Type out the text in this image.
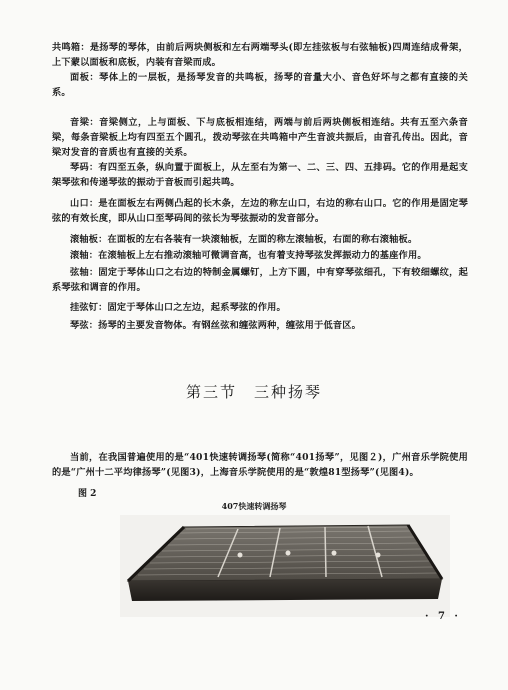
共鸣箱：是扬琴的琴体，由前后两块侧板和左右两端琴头(即左挂弦板与右弦轴板)四周连结成骨架，上下蒙以面板和底板，内装有音梁而成。

面板：琴体上的一层板，是扬琴发音的共鸣板，扬琴的音量大小、音色好坏与之都有直接的关系。

音梁：音梁侧立，上与面板、下与底板相连结，两端与前后两块侧板相连结。共有五至六条音梁，每条音梁板上均有四至五个圆孔，拨动琴弦在共鸣箱中产生音波共振后，由音孔传出。因此，音梁对发音的音质也有直接的关系。

琴码：有四至五条，纵向置于面板上，从左至右为第一、二、三、四、五排码。它的作用是起支架琴弦和传递琴弦的振动于音板而引起共鸣。

山口：是在面板左右两侧凸起的长木条，左边的称左山口，右边的称右山口。它的作用是固定琴弦的有效长度，即从山口至琴码间的弦长为琴弦振动的发音部分。

滚轴板：在面板的左右各装有一块滚轴板，左面的称左滚轴板，右面的称右滚轴板。

滚轴：在滚轴板上左右推动滚轴可微调音高，也有着支持琴弦发挥振动力的基座作用。

弦轴：固定于琴体山口之右边的特制金属螺钉，上方下圆，中有穿琴弦细孔，下有较细螺纹，起系琴弦和调音的作用。

挂弦钉：固定于琴体山口之左边，起系琴弦的作用。

琴弦：扬琴的主要发音物体。有钢丝弦和缠弦两种，缠弦用于低音区。

第三节　三种扬琴

当前，在我国普遍使用的是“401快速转调扬琴(简称“401扬琴”，见图２)，广州音乐学院使用的是“广州十二平均律扬琴”(见图3)，上海音乐学院使用的是“敦煌81型扬琴”(见图4)。

图 2
407快速转调扬琴
· 7 ·
